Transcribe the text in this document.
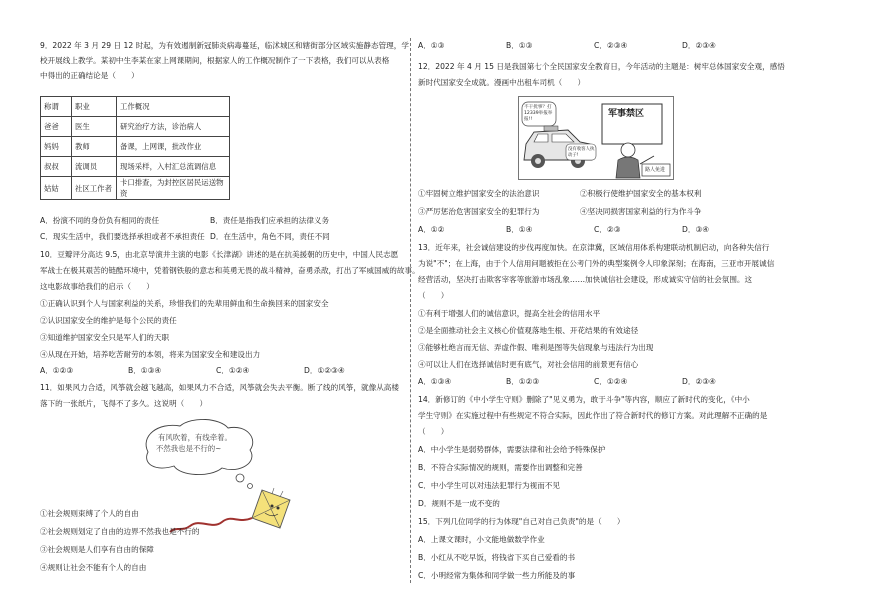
9．2022 年 3 月 29 日 12 时起，为有效遏制新冠肺炎病毒蔓延，临沭城区和辖街部分区域实施静态管理，学
校开展线上教学。某初中生李某在家上网课期间，根据家人的工作概况制作了一下表格，我们可以从表格
中得出的正确结论是（　　）
称谓	职业	工作概况
爸爸	医生	研究治疗方法，诊治病人
妈妈	教师	备课，上网课，批改作业
叔叔	流调员	现场采样，入村汇总流调信息
姑姑	社区工作者	卡口排查，为封控区居民运送物资
A．扮演不同的身份负有相同的责任	B．责任是指我们应承担的法律义务
C．现实生活中，我们要选择承担或者不承担责任 D．在生活中，角色不同，责任不同
10．豆瓣评分高达 9.5，由北京导演井主演的电影《长津湖》讲述的是在抗美援朝的历史中，中国人民志愿
军战士在极其艰苦的链酷环境中，凭着钢铁般的意志和英勇无畏的战斗精神，奋勇杀敌，打出了军威国威的故事。
这电影故事给我们的启示（　　）
①正确认识到个人与国家利益的关系，珍惜我们的先辈用鲜血和生命换回来的国家安全
②认识国家安全的维护是每个公民的责任
③知道维护国家安全只是军人们的天职
④从现在开始，培养吃苦耐劳的本领，将来为国家安全和建设出力
A．①②③	B．①③④	C．①②④	D．①②③④
11．如果风力合适，风筝就会越飞越高，如果风力不合适，风筝就会失去平衡。断了线的风筝，就像从高楼
落下的一张纸片，飞得不了多久。这说明（　　）
有风吹着，有线牵着。
不然我也是不行的~
①社会规则束缚了个人的自由
②社会规则划定了自由的边界不然我也是不行的
③社会规则是人们享有自由的保障
④规则让社会不能有个人的自由
A．①③	B．①③	C．②③④	D．②③④
12．2022 年 4 月 15 日是我国第七个全民国家安全教育日，今年活动的主题是：树牢总体国家安全观，感悟
新时代国家安全成就。漫画中出租车司机（　　）
军事禁区
不干扰事？打12339举报举报!!
没有收客人执动子!
路人免进
①牢固树立维护国家安全的法治意识	②积极行使维护国家安全的基本权利
③严厉惩治危害国家安全的犯罪行为	④坚决同损害国家利益的行为作斗争
A．①②	B．①④	C．②③	D．③④
13．近年来，社会诚信建设的步伐再度加快。在京津冀，区域信用体系构建联动机制启动，向各种失信行
为说"不"；在上海，由于个人信用问题被拒在公考门外的典型案例令人印象深刻；在海南，三亚市开展诚信
经营活动，坚决打击欺客宰客等旅游市场乱象……加快诚信社会建设，形成诚实守信的社会氛围。这
（　　）
①有利于增强人们的诚信意识，提高全社会的信用水平
②是全面推动社会主义核心价值观落地生根、开花结果的有效途径
③能够杜绝言而无信、弄虚作假、唯利是图等失信现象与违法行为出现
④可以让人们在选择诚信时更有底气，对社会信用的前景更有信心
A．①③④	B．①②③	C．①②④	D．②③④
14．新修订的《中小学生守则》删除了"见义勇为，敢于斗争"等内容，顺应了新时代的变化，《中小
学生守则》在实施过程中有些规定不符合实际，因此作出了符合新时代的修订方案。对此理解不正确的是
（　　）
A．中小学生是弱势群体，需要法律和社会给予特殊保护
B．不符合实际情况的规则，需要作出调整和完善
C．中小学生可以对违法犯罪行为视而不见
D．规则不是一成不变的
15．下列几位同学的行为体现"自己对自己负责"的是（　　）
A．上课文课时，小文能地做数学作业
B．小红从不吃早饭，将钱省下买自己爱看的书
C．小明经常为集体和同学做一些力所能及的事
